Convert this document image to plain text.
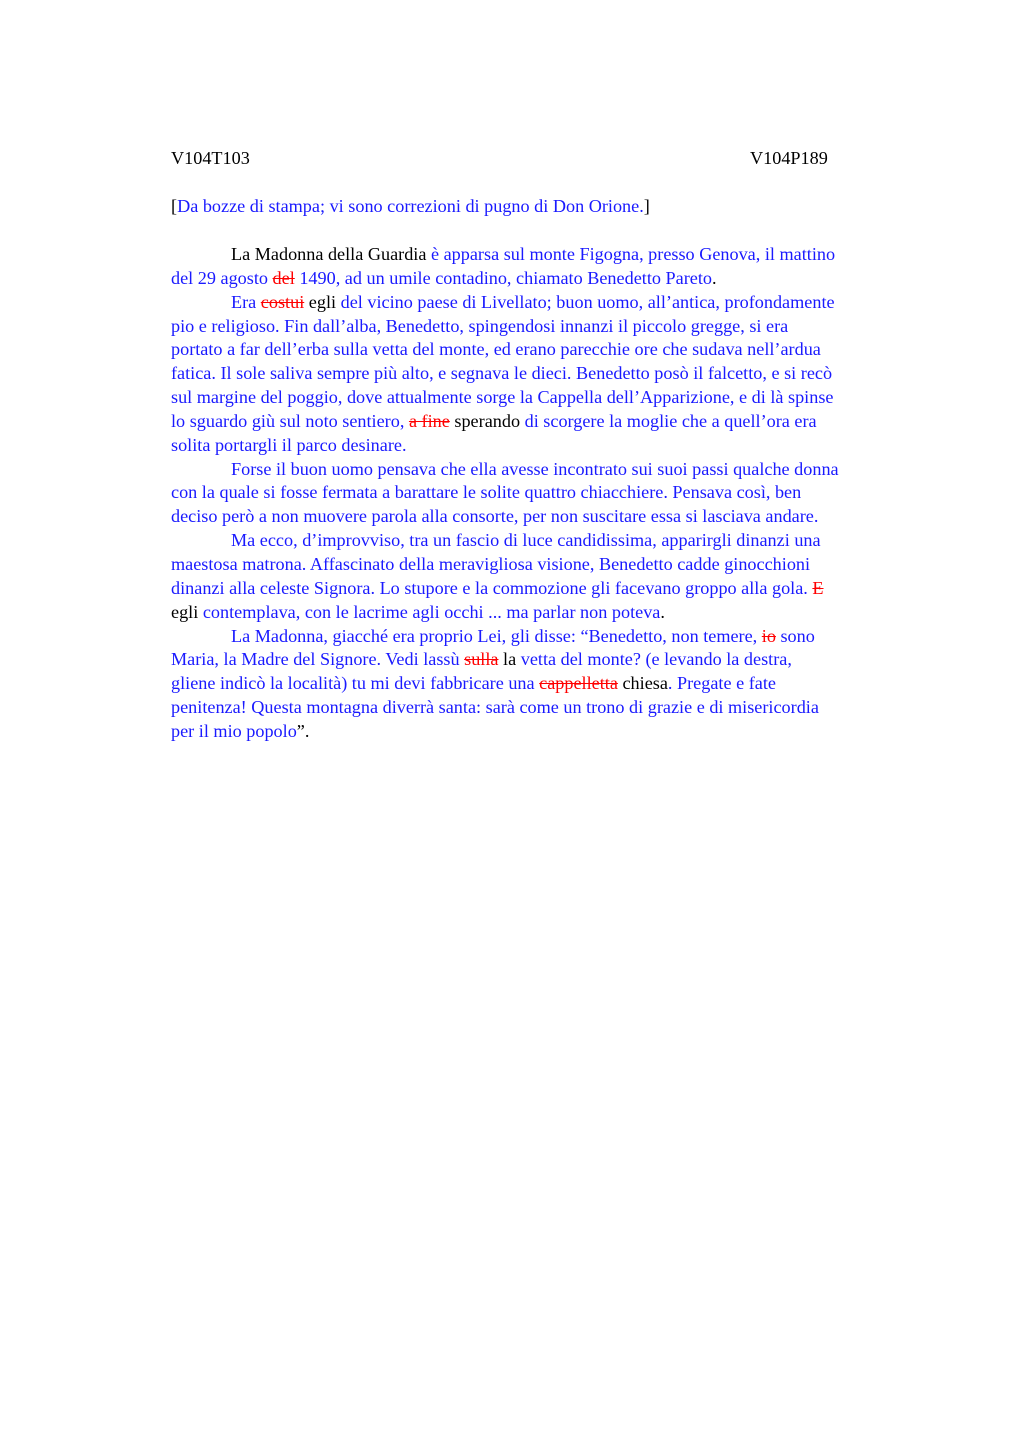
V104T103	V104P189
[Da bozze di stampa; vi sono correzioni di pugno di Don Orione.]
La Madonna della Guardia è apparsa sul monte Figogna, presso Genova, il mattino
del 29 agosto del 1490, ad un umile contadino, chiamato Benedetto Pareto.
Era costui egli del vicino paese di Livellato; buon uomo, all’antica, profondamente
pio e religioso. Fin dall’alba, Benedetto, spingendosi innanzi il piccolo gregge, si era
portato a far dell’erba sulla vetta del monte, ed erano parecchie ore che sudava nell’ardua
fatica. Il sole saliva sempre più alto, e segnava le dieci. Benedetto posò il falcetto, e si recò
sul margine del poggio, dove attualmente sorge la Cappella dell’Apparizione, e di là spinse
lo sguardo giù sul noto sentiero, a fine sperando di scorgere la moglie che a quell’ora era
solita portargli il parco desinare.
Forse il buon uomo pensava che ella avesse incontrato sui suoi passi qualche donna
con la quale si fosse fermata a barattare le solite quattro chiacchiere. Pensava così, ben
deciso però a non muovere parola alla consorte, per non suscitare essa si lasciava andare.
Ma ecco, d’improvviso, tra un fascio di luce candidissima, apparirgli dinanzi una
maestosa matrona. Affascinato della meravigliosa visione, Benedetto cadde ginocchioni
dinanzi alla celeste Signora. Lo stupore e la commozione gli facevano groppo alla gola. E
egli contemplava, con le lacrime agli occhi ... ma parlar non poteva.
La Madonna, giacché era proprio Lei, gli disse: “Benedetto, non temere, io sono
Maria, la Madre del Signore. Vedi lassù sulla la vetta del monte? (e levando la destra,
gliene indicò la località) tu mi devi fabbricare una cappelletta chiesa. Pregate e fate
penitenza! Questa montagna diverrà santa: sarà come un trono di grazie e di misericordia
per il mio popolo”.
